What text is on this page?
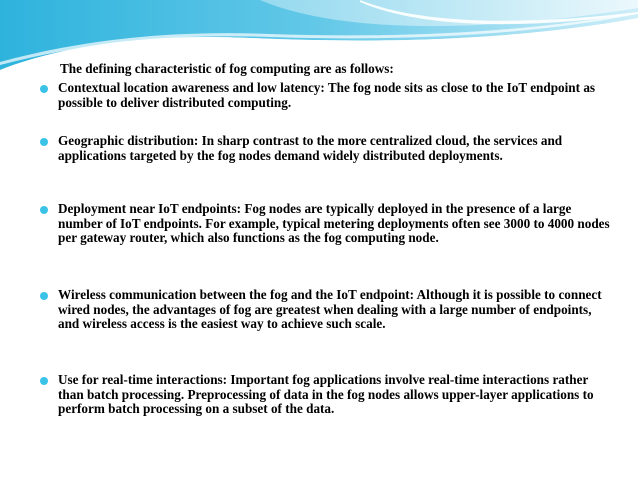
The defining characteristic of fog computing are as follows:
Contextual location awareness and low latency: The fog node sits as close to the IoT endpoint as possible to deliver distributed computing.
Geographic distribution: In sharp contrast to the more centralized cloud, the services and applications targeted by the fog nodes demand widely distributed deployments.
Deployment near IoT endpoints: Fog nodes are typically deployed in the presence of a large number of IoT endpoints. For example, typical metering deployments often see 3000 to 4000 nodes per gateway router, which also functions as the fog computing node.
Wireless communication between the fog and the IoT endpoint: Although it is possible to connect wired nodes, the advantages of fog are greatest when dealing with a large number of endpoints, and wireless access is the easiest way to achieve such scale.
Use for real-time interactions: Important fog applications involve real-time interactions rather than batch processing. Preprocessing of data in the fog nodes allows upper-layer applications to perform batch processing on a subset of the data.
